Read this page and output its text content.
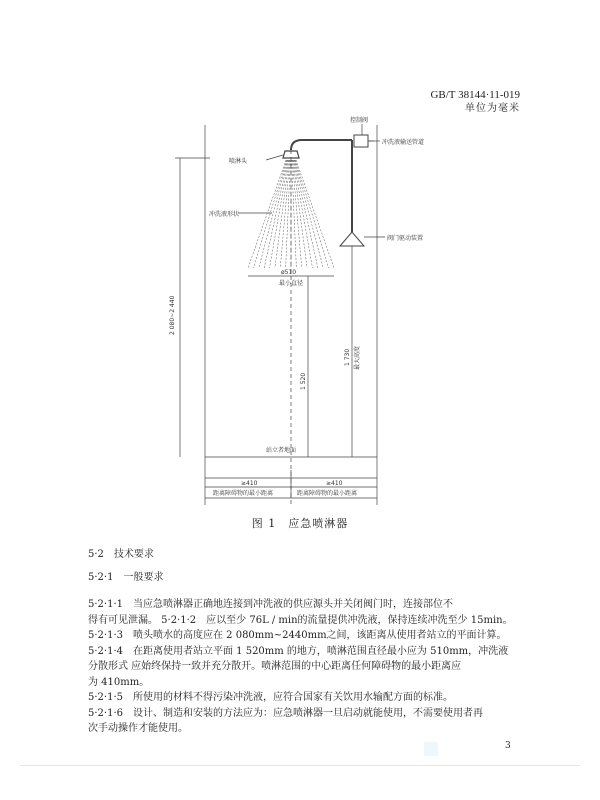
GB/T 38144·11-019
单位为毫米
控制阀
冲洗液输送管道
喷淋头
冲洗液形状
阀门驱动装置
ø510
最小直径
2 080~2 440
1 520
1 730 最大高度
站立者地面
≥410	≥410
距离障碍物的最小距离	距离障碍物的最小距离
图 1　应急喷淋器

5·2　技术要求

5·2·1　一般要求

5·2·1·1　当应急喷淋器正确地连接到冲洗液的供应源头并关闭阀门时，连接部位不

得有可见泄漏。 5·2·1·2　应以至少 76L / min的流量提供冲洗液，保持连续冲洗至少 15min。

5·2·1·3　喷头喷水的高度应在 2 080mm~2440mm之间，该距离从使用者站立的平面计算。

5·2·1·4　在距离使用者站立平面 1 520mm 的地方，喷淋范围直径最小应为 510mm，冲洗液

分散形式 应始终保持一致并充分散开。喷淋范围的中心距离任何障碍物的最小距离应

为 410mm。

5·2·1·5　所使用的材料不得污染冲洗液，应符合国家有关饮用水输配方面的标准。

5·2·1·6　设计、制造和安装的方法应为：应急喷淋器一旦启动就能使用，不需要使用者再

次手动操作才能使用。

3
